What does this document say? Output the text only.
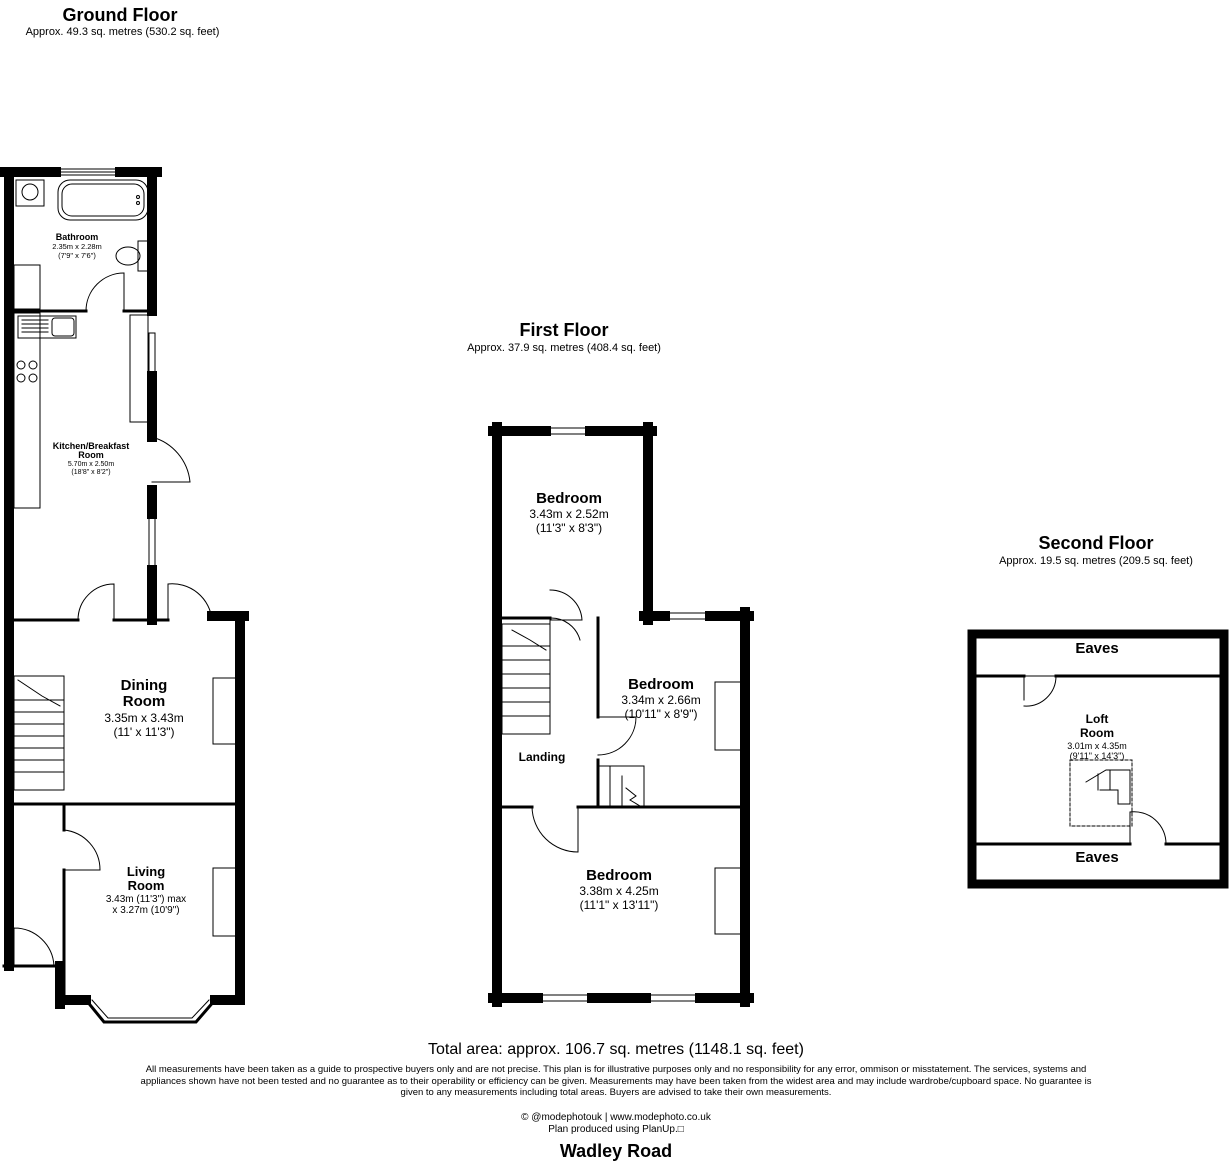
Ground Floor
Approx. 49.3 sq. metres (530.2 sq. feet)
First Floor
Approx. 37.9 sq. metres (408.4 sq. feet)
Second Floor
Approx. 19.5 sq. metres (209.5 sq. feet)
Bathroom
2.35m x 2.28m
(7'9" x 7'6")
Kitchen/Breakfast
Room
5.70m x 2.50m
(18'8" x 8'2")
Dining
Room
3.35m x 3.43m
(11' x 11'3")
Living
Room
3.43m (11'3") max
x 3.27m (10'9")
Bedroom
3.43m x 2.52m
(11'3" x 8'3")
Bedroom
3.34m x 2.66m
(10'11" x 8'9")
Landing
Bedroom
3.38m x 4.25m
(11'1" x 13'11")
Eaves
Loft
Room
3.01m x 4.35m
(9'11" x 14'3")
Eaves
Total area: approx. 106.7 sq. metres (1148.1 sq. feet)
All measurements have been taken as a guide to prospective buyers only and are not precise. This plan is for illustrative purposes only and no responsibility for any error, ommison or misstatement. The services, systems and
appliances shown have not been tested and no guarantee as to their operability or efficiency can be given. Measurements may have been taken from the widest area and may include wardrobe/cupboard space. No guarantee is
given to any measurements including total areas. Buyers are advised to take their own measurements.
© @modephotouk | www.modephoto.co.uk
Plan produced using PlanUp.□
Wadley Road
